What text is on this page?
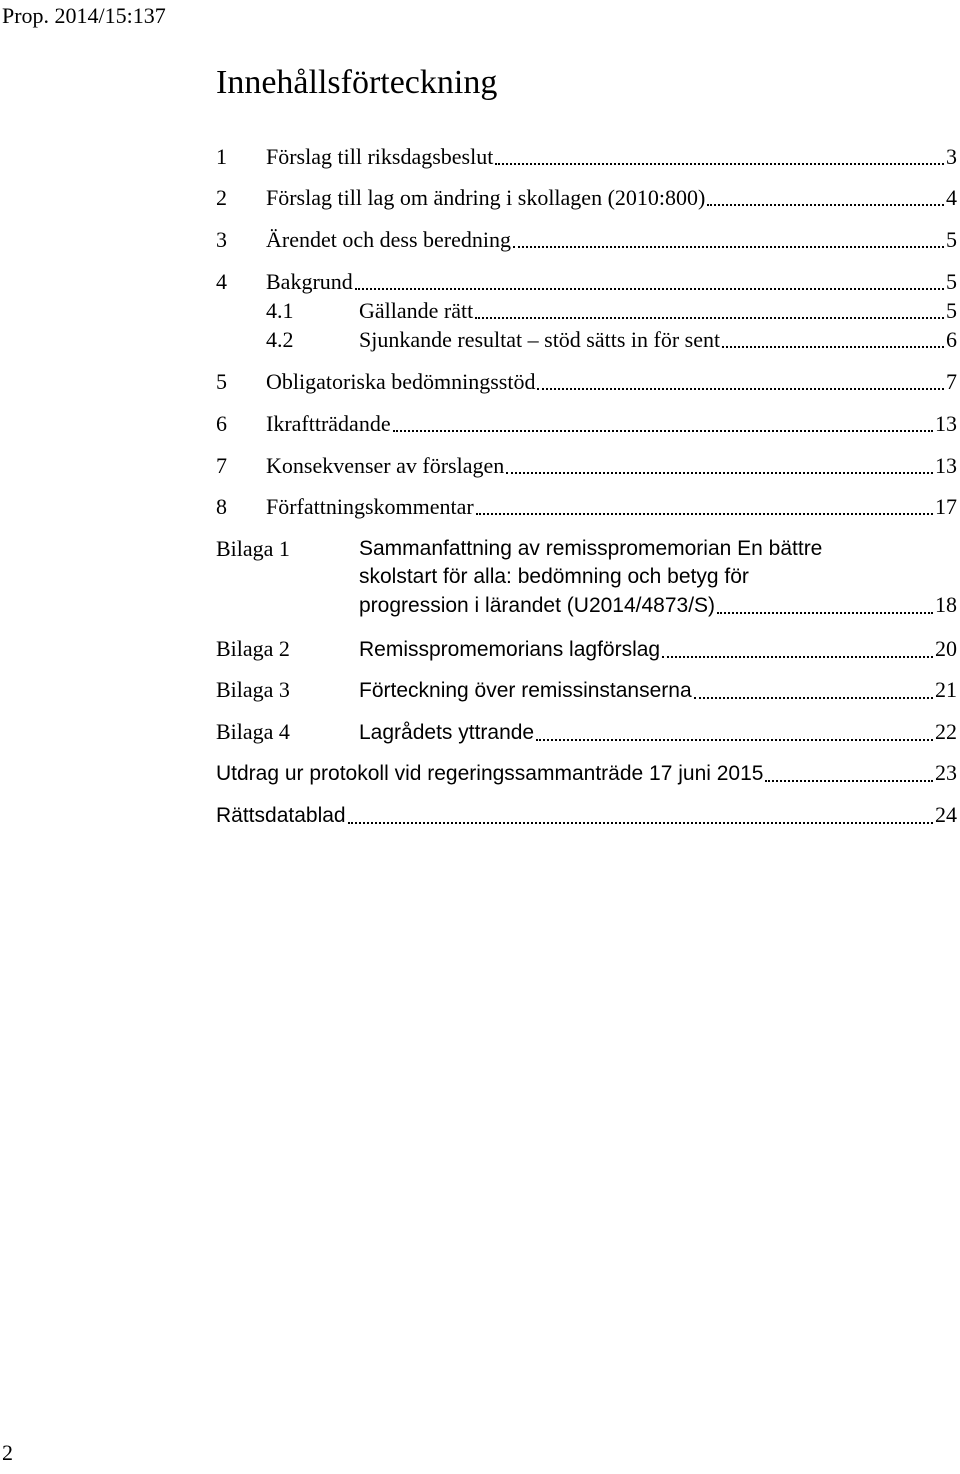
Prop. 2014/15:137
Innehållsförteckning
1	Förslag till riksdagsbeslut	3
2	Förslag till lag om ändring i skollagen (2010:800)	4
3	Ärendet och dess beredning	5
4	Bakgrund	5
4.1	Gällande rätt	5
4.2	Sjunkande resultat – stöd sätts in för sent	6
5	Obligatoriska bedömningsstöd	7
6	Ikraftträdande	13
7	Konsekvenser av förslagen	13
8	Författningskommentar	17
Bilaga 1	Sammanfattning av remisspromemorian En bättre
skolstart för alla: bedömning och betyg för
progression i lärandet (U2014/4873/S)	18
Bilaga 2	Remisspromemorians lagförslag	20
Bilaga 3	Förteckning över remissinstanserna	21
Bilaga 4	Lagrådets yttrande	22
Utdrag ur protokoll vid regeringssammanträde 17 juni 2015	23
Rättsdatablad	24
2
